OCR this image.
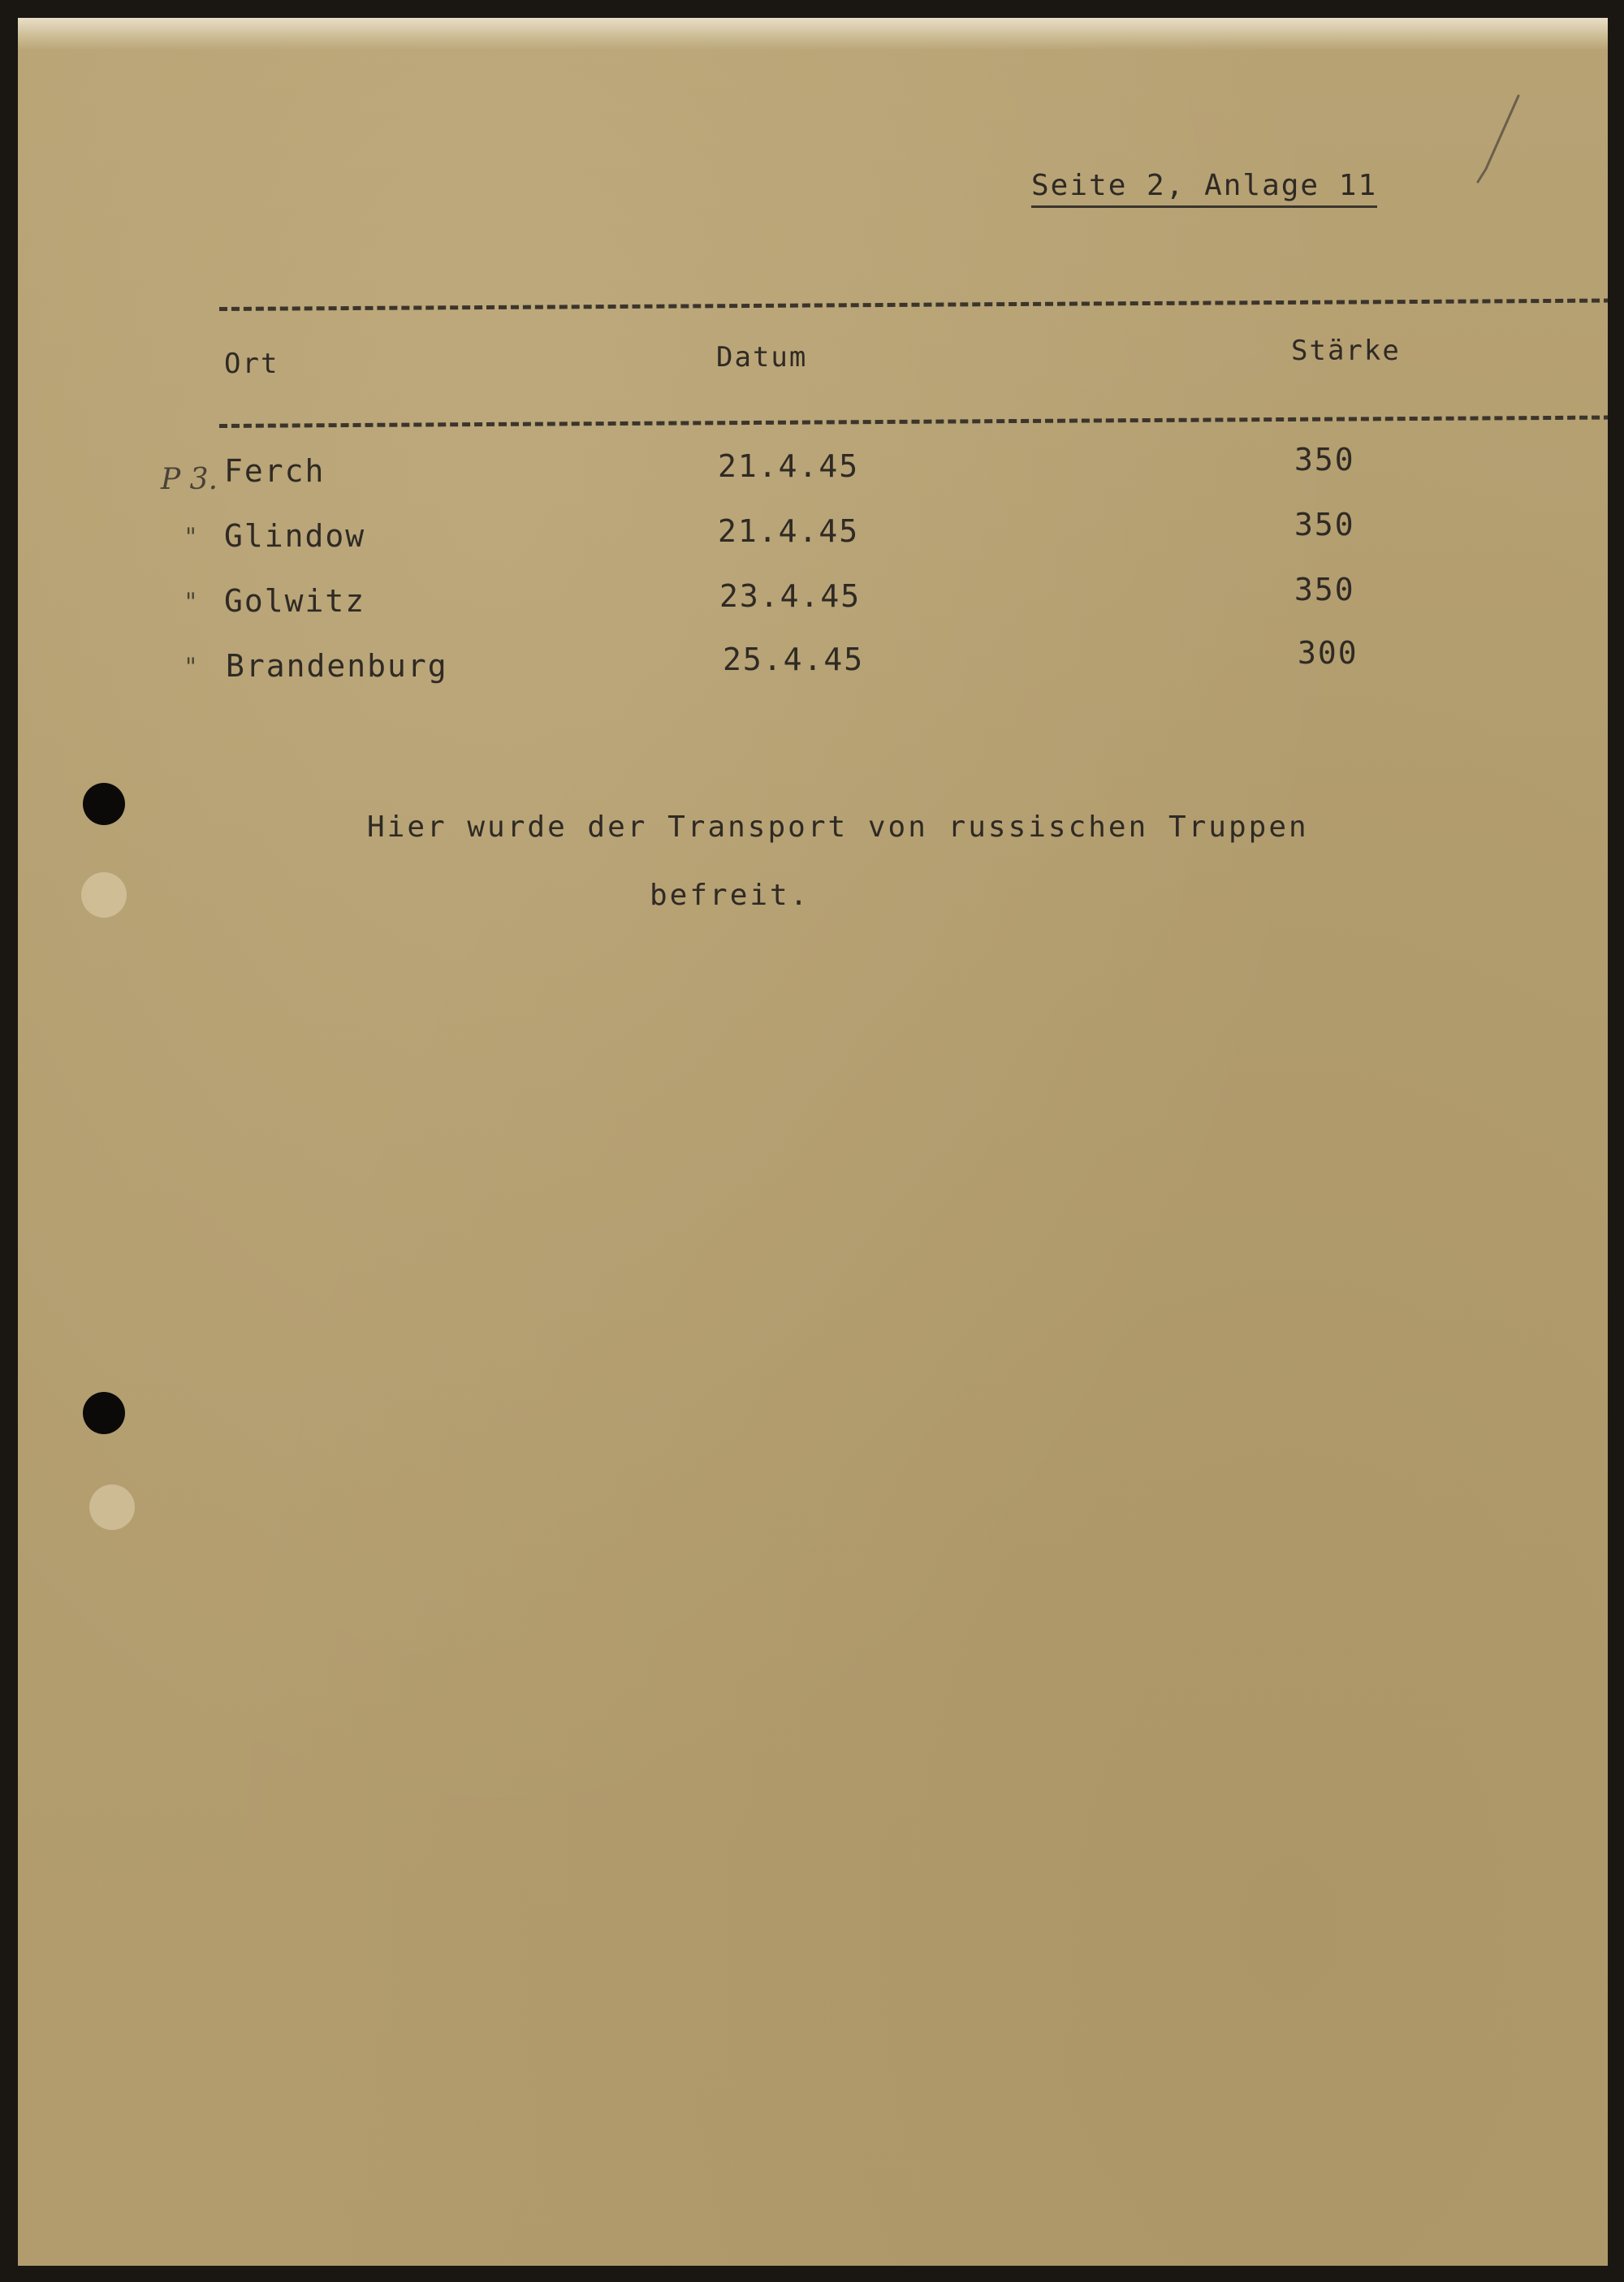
Seite 2, Anlage 11
Ort	Datum	Stärke
P 3. Ferch	21.4.45	350
" Glindow	21.4.45	350
" Golwitz	23.4.45	350
" Brandenburg	25.4.45	300
Hier wurde der Transport von russischen Truppen
befreit.
